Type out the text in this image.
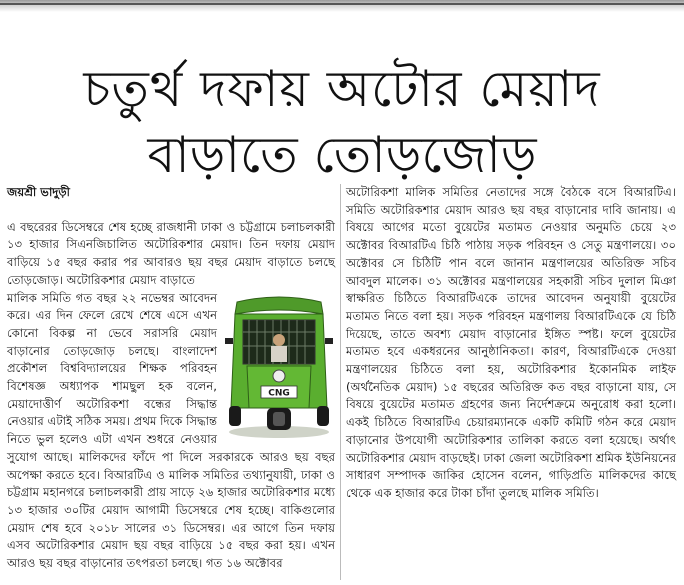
চতুর্থ দফায় অটোর মেয়াদ
বাড়াতে তোড়জোড়

জয়শ্রী ভাদুড়ী

এ বছরেরর ডিসেম্বরে শেষ হচ্ছে রাজধানী ঢাকা ও চট্টগ্রামে চলাচলকারী ১৩ হাজার সিএনজিচালিত অটোরিকশার মেয়াদ। তিন দফায় মেয়াদ বাড়িয়ে ১৫ বছর করার পর আবারও ছয় বছর মেয়াদ বাড়াতে চলছে তোড়জোড়। অটোরিকশার মেয়াদ বাড়াতে

CNG

মালিক সমিতি গত বছর ২২ নভেম্বর আবেদন করে। এর দিন ফেলে রেখে শেষে এসে এখন কোনো বিকল্প না ভেবে সরাসরি মেয়াদ বাড়ানোর তোড়জোড় চলছে। বাংলাদেশ প্রকৌশল বিশ্ববিদ্যালয়ের শিক্ষক পরিবহন বিশেষজ্ঞ অধ্যাপক শামছুল হক বলেন, মেয়াদোত্তীর্ণ অটোরিকশা বন্ধের সিদ্ধান্ত নেওয়ার এটাই সঠিক সময়। প্রথম দিকে সিদ্ধান্ত নিতে ভুল হলেও এটা এখন শুধরে নেওয়ার সুযোগ আছে। মালিকদের ফাঁদে পা দিলে সরকারকে আরও ছয় বছর অপেক্ষা করতে হবে। বিআরটিএ ও মালিক সমিতির তথ্যানুযায়ী, ঢাকা ও চট্টগ্রাম মহানগরে চলাচলকারী প্রায় সাড়ে ২৬ হাজার অটোরিকশার মধ্যে ১৩ হাজার ৩০টির মেয়াদ আগামী ডিসেম্বরে শেষ হচ্ছে। বাকিগুলোর মেয়াদ শেষ হবে ২০১৮ সালের ৩১ ডিসেম্বর। এর আগে তিন দফায় এসব অটোরিকশার মেয়াদ ছয় বছর বাড়িয়ে ১৫ বছর করা হয়। এখন আরও ছয় বছর বাড়ানোর তৎপরতা চলছে। গত ১৬ অক্টোবর

অটোরিকশা মালিক সমিতির নেতাদের সঙ্গে বৈঠকে বসে বিআরটিএ। সমিতি অটোরিকশার মেয়াদ আরও ছয় বছর বাড়ানোর দাবি জানায়। এ বিষয়ে আগের মতো বুয়েটের মতামত নেওয়ার অনুমতি চেয়ে ২৩ অক্টোবর বিআরটিএ চিঠি পাঠায় সড়ক পরিবহন ও সেতু মন্ত্রণালয়ে। ৩০ অক্টোবর সে চিঠিটি পান বলে জানান মন্ত্রণালয়ের অতিরিক্ত সচিব আবদুল মালেক। ৩১ অক্টোবর মন্ত্রণালয়ের সহকারী সচিব দুলাল মিঞা স্বাক্ষরিত চিঠিতে বিআরটিএকে তাদের আবেদন অনুযায়ী বুয়েটের মতামত নিতে বলা হয়। সড়ক পরিবহন মন্ত্রণালয় বিআরটিএকে যে চিঠি দিয়েছে, তাতে অবশ্য মেয়াদ বাড়ানোর ইঙ্গিত স্পষ্ট। ফলে বুয়েটের মতামত হবে একধরনের আনুষ্ঠানিকতা। কারণ, বিআরটিএকে দেওয়া মন্ত্রণালয়ের চিঠিতে বলা হয়, অটোরিকশার ইকোনমিক লাইফ (অর্থনৈতিক মেয়াদ) ১৫ বছরের অতিরিক্ত কত বছর বাড়ানো যায়, সে বিষয়ে বুয়েটের মতামত গ্রহণের জন্য নির্দেশক্রমে অনুরোধ করা হলো। একই চিঠিতে বিআরটিএ চেয়ারম্যানকে একটি কমিটি গঠন করে মেয়াদ বাড়ানোর উপযোগী অটোরিকশার তালিকা করতে বলা হয়েছে। অর্থাৎ অটোরিকশার মেয়াদ বাড়ছেই। ঢাকা জেলা অটোরিকশা শ্রমিক ইউনিয়নের সাধারণ সম্পাদক জাকির হোসেন বলেন, গাড়িপ্রতি মালিকদের কাছে থেকে এক হাজার করে টাকা চাঁদা তুলছে মালিক সমিতি।
